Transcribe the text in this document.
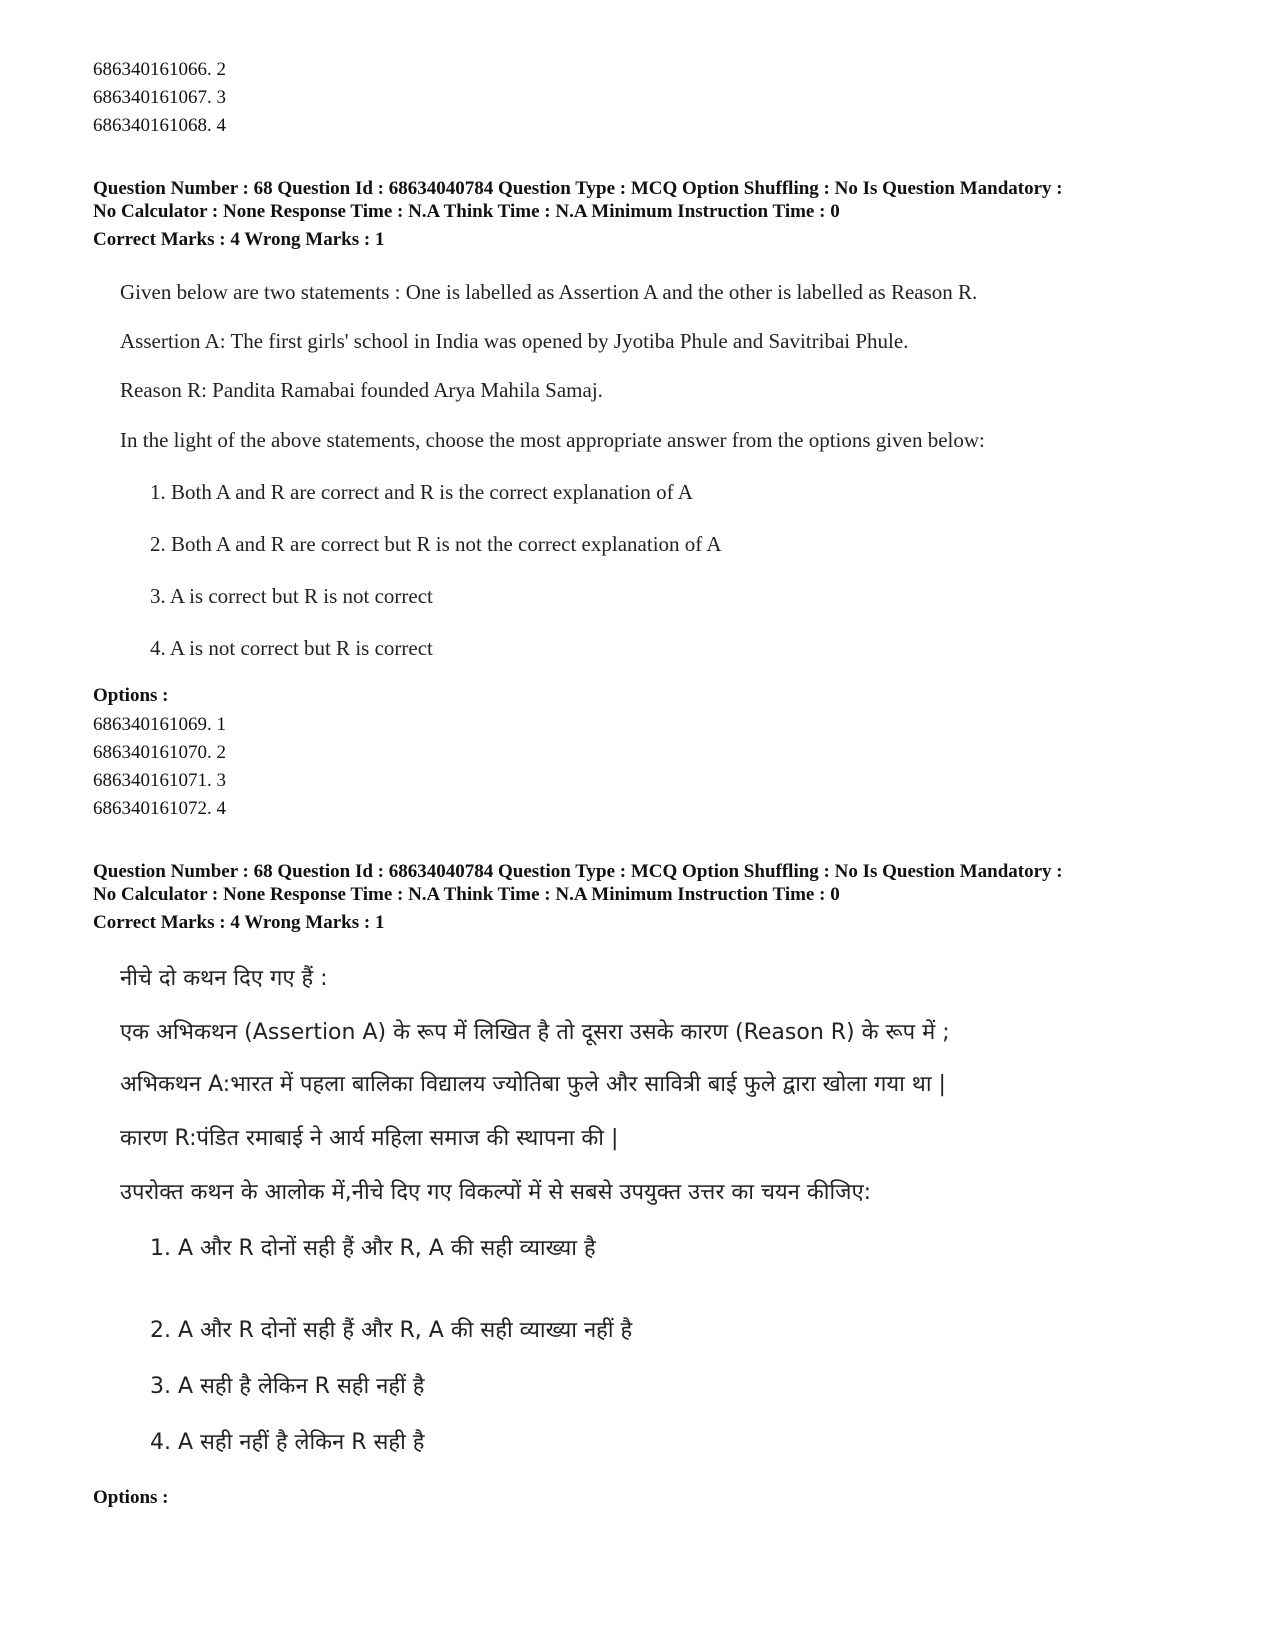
686340161066. 2
686340161067. 3
686340161068. 4
Question Number : 68 Question Id : 68634040784 Question Type : MCQ Option Shuffling : No Is Question Mandatory :
No Calculator : None Response Time : N.A Think Time : N.A Minimum Instruction Time : 0
Correct Marks : 4 Wrong Marks : 1
Given below are two statements : One is labelled as Assertion A and the other is labelled as Reason R.
Assertion A: The first girls' school in India was opened by Jyotiba Phule and Savitribai Phule.
Reason R: Pandita Ramabai founded Arya Mahila Samaj.
In the light of the above statements, choose the most appropriate answer from the options given below:
1. Both A and R are correct and R is the correct explanation of A
2. Both A and R are correct but R is not the correct explanation of A
3. A is correct but R is not correct
4. A is not correct but R is correct
Options :
686340161069. 1
686340161070. 2
686340161071. 3
686340161072. 4
Question Number : 68 Question Id : 68634040784 Question Type : MCQ Option Shuffling : No Is Question Mandatory :
No Calculator : None Response Time : N.A Think Time : N.A Minimum Instruction Time : 0
Correct Marks : 4 Wrong Marks : 1
नीचे दो कथन दिए गए हैं :
एक अभिकथन (Assertion A) के रूप में लिखित है तो दूसरा उसके कारण (Reason R) के रूप में ;
अभिकथन A:भारत में पहला बालिका विद्यालय ज्योतिबा फुले और सावित्री बाई फुले द्वारा खोला गया था |
कारण R:पंडित रमाबाई ने आर्य महिला समाज की स्थापना की |
उपरोक्त कथन के आलोक में,नीचे दिए गए विकल्पों में से सबसे उपयुक्त उत्तर का चयन कीजिए:
1. A और R दोनों सही हैं और R, A की सही व्याख्या है
2. A और R दोनों सही हैं और R, A की सही व्याख्या नहीं है
3. A सही है लेकिन R सही नहीं है
4. A सही नहीं है लेकिन R सही है
Options :
